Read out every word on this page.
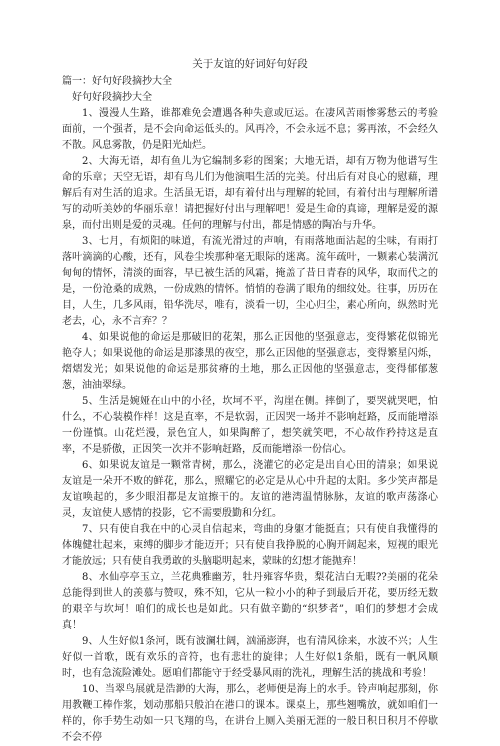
关于友谊的好词好句好段
篇一：好句好段摘抄大全
好句好段摘抄大全

1、漫漫人生路，谁都难免会遭遇各种失意或厄运。在凄风苦雨惨雾愁云的考验面前，一个强者，是不会向命运低头的。风再冷，不会永远不息；雾再浓，不会经久不散。风息雾散，仍是阳光灿烂。

2、大海无语，却有鱼儿为它编制多彩的图案；大地无语，却有万物为他谱写生命的乐章；天空无语，却有鸟儿们为他演唱生活的完美。付出后有对良心的慰藉，理解后有对生活的追求。生活虽无语，却有着付出与理解的轮回，有着付出与理解所谱写的动听美妙的华丽乐章！请把握好付出与理解吧！爱是生命的真谛，理解是爱的源泉，而付出则是爱的灵魂。任何的理解与付出，都是情感的陶冶与升华。

3、七月，有烦阳的味道，有流光滑过的声响，有雨落地面沾起的尘味，有雨打落叶滴滴的心酸，还有，风卷尘埃那种毫无眼际的迷离。流年疏叶，一颗素心装满沉甸甸的情怀，清淡的面容，早已被生活的风霜，掩盖了昔日青春的风华，取而代之的是，一份沧桑的成熟，一份成熟的情怀。悄悄的卷满了眼角的细纹处。往事，历历在目，人生，几多风雨，铅华洗尽，唯有，淡看一切，尘心归尘，素心所向，纵然时光老去，心，永不言弃？？

4、如果说他的命运是那破旧的花架，那么正因他的坚强意志，变得繁花似锦光艳夺人；如果说他的命运是那漆黑的夜空，那么正因他的坚强意志，变得繁星闪烁，熠熠发光；如果说他的命运是那贫瘠的土地，那么正因他的坚强意志，变得郁郁葱葱，油油翠绿。

5、生活是婉娅在山中的小径，坎坷不平，沟崖在侧。摔倒了，要哭就哭吧，怕什么，不心装模作样！这是直率，不是软弱，正因哭一场并不影响赶路，反而能增添一份谨慎。山花烂漫，景色宜人，如果陶醉了，想笑就笑吧，不心故作矜持这是直率，不是骄傲，正因笑一次并不影响赶路，反而能增添一份信心。

6、如果说友谊是一颗常青树，那么，浇灌它的必定是出自心田的清泉；如果说友谊是一朵开不败的鲜花，那么，照耀它的必定是从心中升起的太阳。多少笑声都是友谊唤起的，多少眼泪都是友谊擦干的。友谊的港湾温情脉脉，友谊的歌声荡涤心灵，友谊使人感情的投影，它不需要殷勤和分红。

7、只有使自我在中的心灵自信起来，弯曲的身躯才能挺直；只有使自我懂得的体魄健壮起来，束缚的脚步才能迈开；只有使自我挣脱的心胸开阔起来，短视的眼光才能放远；只有使自我勇敢的头脑聪明起来，蒙昧的幻想才能抛弃！

8、水仙亭亭玉立，兰花典雅幽芳，牡丹雍容华贵，梨花洁白无暇??美丽的花朵总能得到世人的羡慕与赞叹，殊不知，它从一粒小小的种子到最后开花，要历经无数的艰辛与坎坷！咱们的成长也是如此。只有做辛勤的“织梦者”，咱们的梦想才会成真！

9、人生好似1条河，既有波澜壮阔，汹涌澎湃，也有清风徐来，水波不兴；人生好似一首歌，既有欢乐的音符，也有悲壮的旋律；人生好似1条船，既有一帆风顺时，也有急流险滩处。愿咱们都能守于经受暴风雨的洗礼，理解生活的挑战和考验！

10、当翠鸟展就是浩渺的大海，那么，老师便是海上的水手。铃声响起那刻，你用教鞭工棒作浆，划动那船只般泊在港口的课本。课桌上，那些翘嘴放，就如咱们一样的，你手势生动如一只飞翔的鸟，在讲台上厕入美丽无涯的一般日积日积月不停歇不会不停
